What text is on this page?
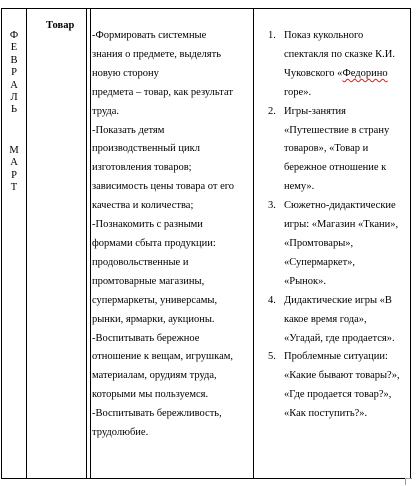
Ф
Е
В
Р
А
Л
Ь
М
А
Р
Т
Товар
-Формировать системные
знания о предмете, выделять
новую сторону
предмета – товар, как результат
труда.
-Показать детям
производственный цикл
изготовления товаров;
зависимость цены товара от его
качества и количества;
-Познакомить с разными
формами сбыта продукции:
продовольственные и
промтоварные магазины,
супермаркеты, универсамы,
рынки, ярмарки, аукционы.
-Воспитывать бережное
отношение к вещам, игрушкам,
материалам, орудиям труда,
которыми мы пользуемся.
-Воспитывать бережливость,
трудолюбие.
1. Показ кукольного
спектакля по сказке К.И.
Чуковского «Федорино
горе».
2. Игры-занятия
«Путешествие в страну
товаров», «Товар и
бережное отношение к
нему».
3. Сюжетно-дидактические
игры: «Магазин «Ткани»,
«Промтовары»,
«Супермаркет»,
«Рынок».
4. Дидактические игры «В
какое время года»,
«Угадай, где продается».
5. Проблемные ситуации:
«Какие бывают товары?»,
«Где продается товар?»,
«Как поступить?».
